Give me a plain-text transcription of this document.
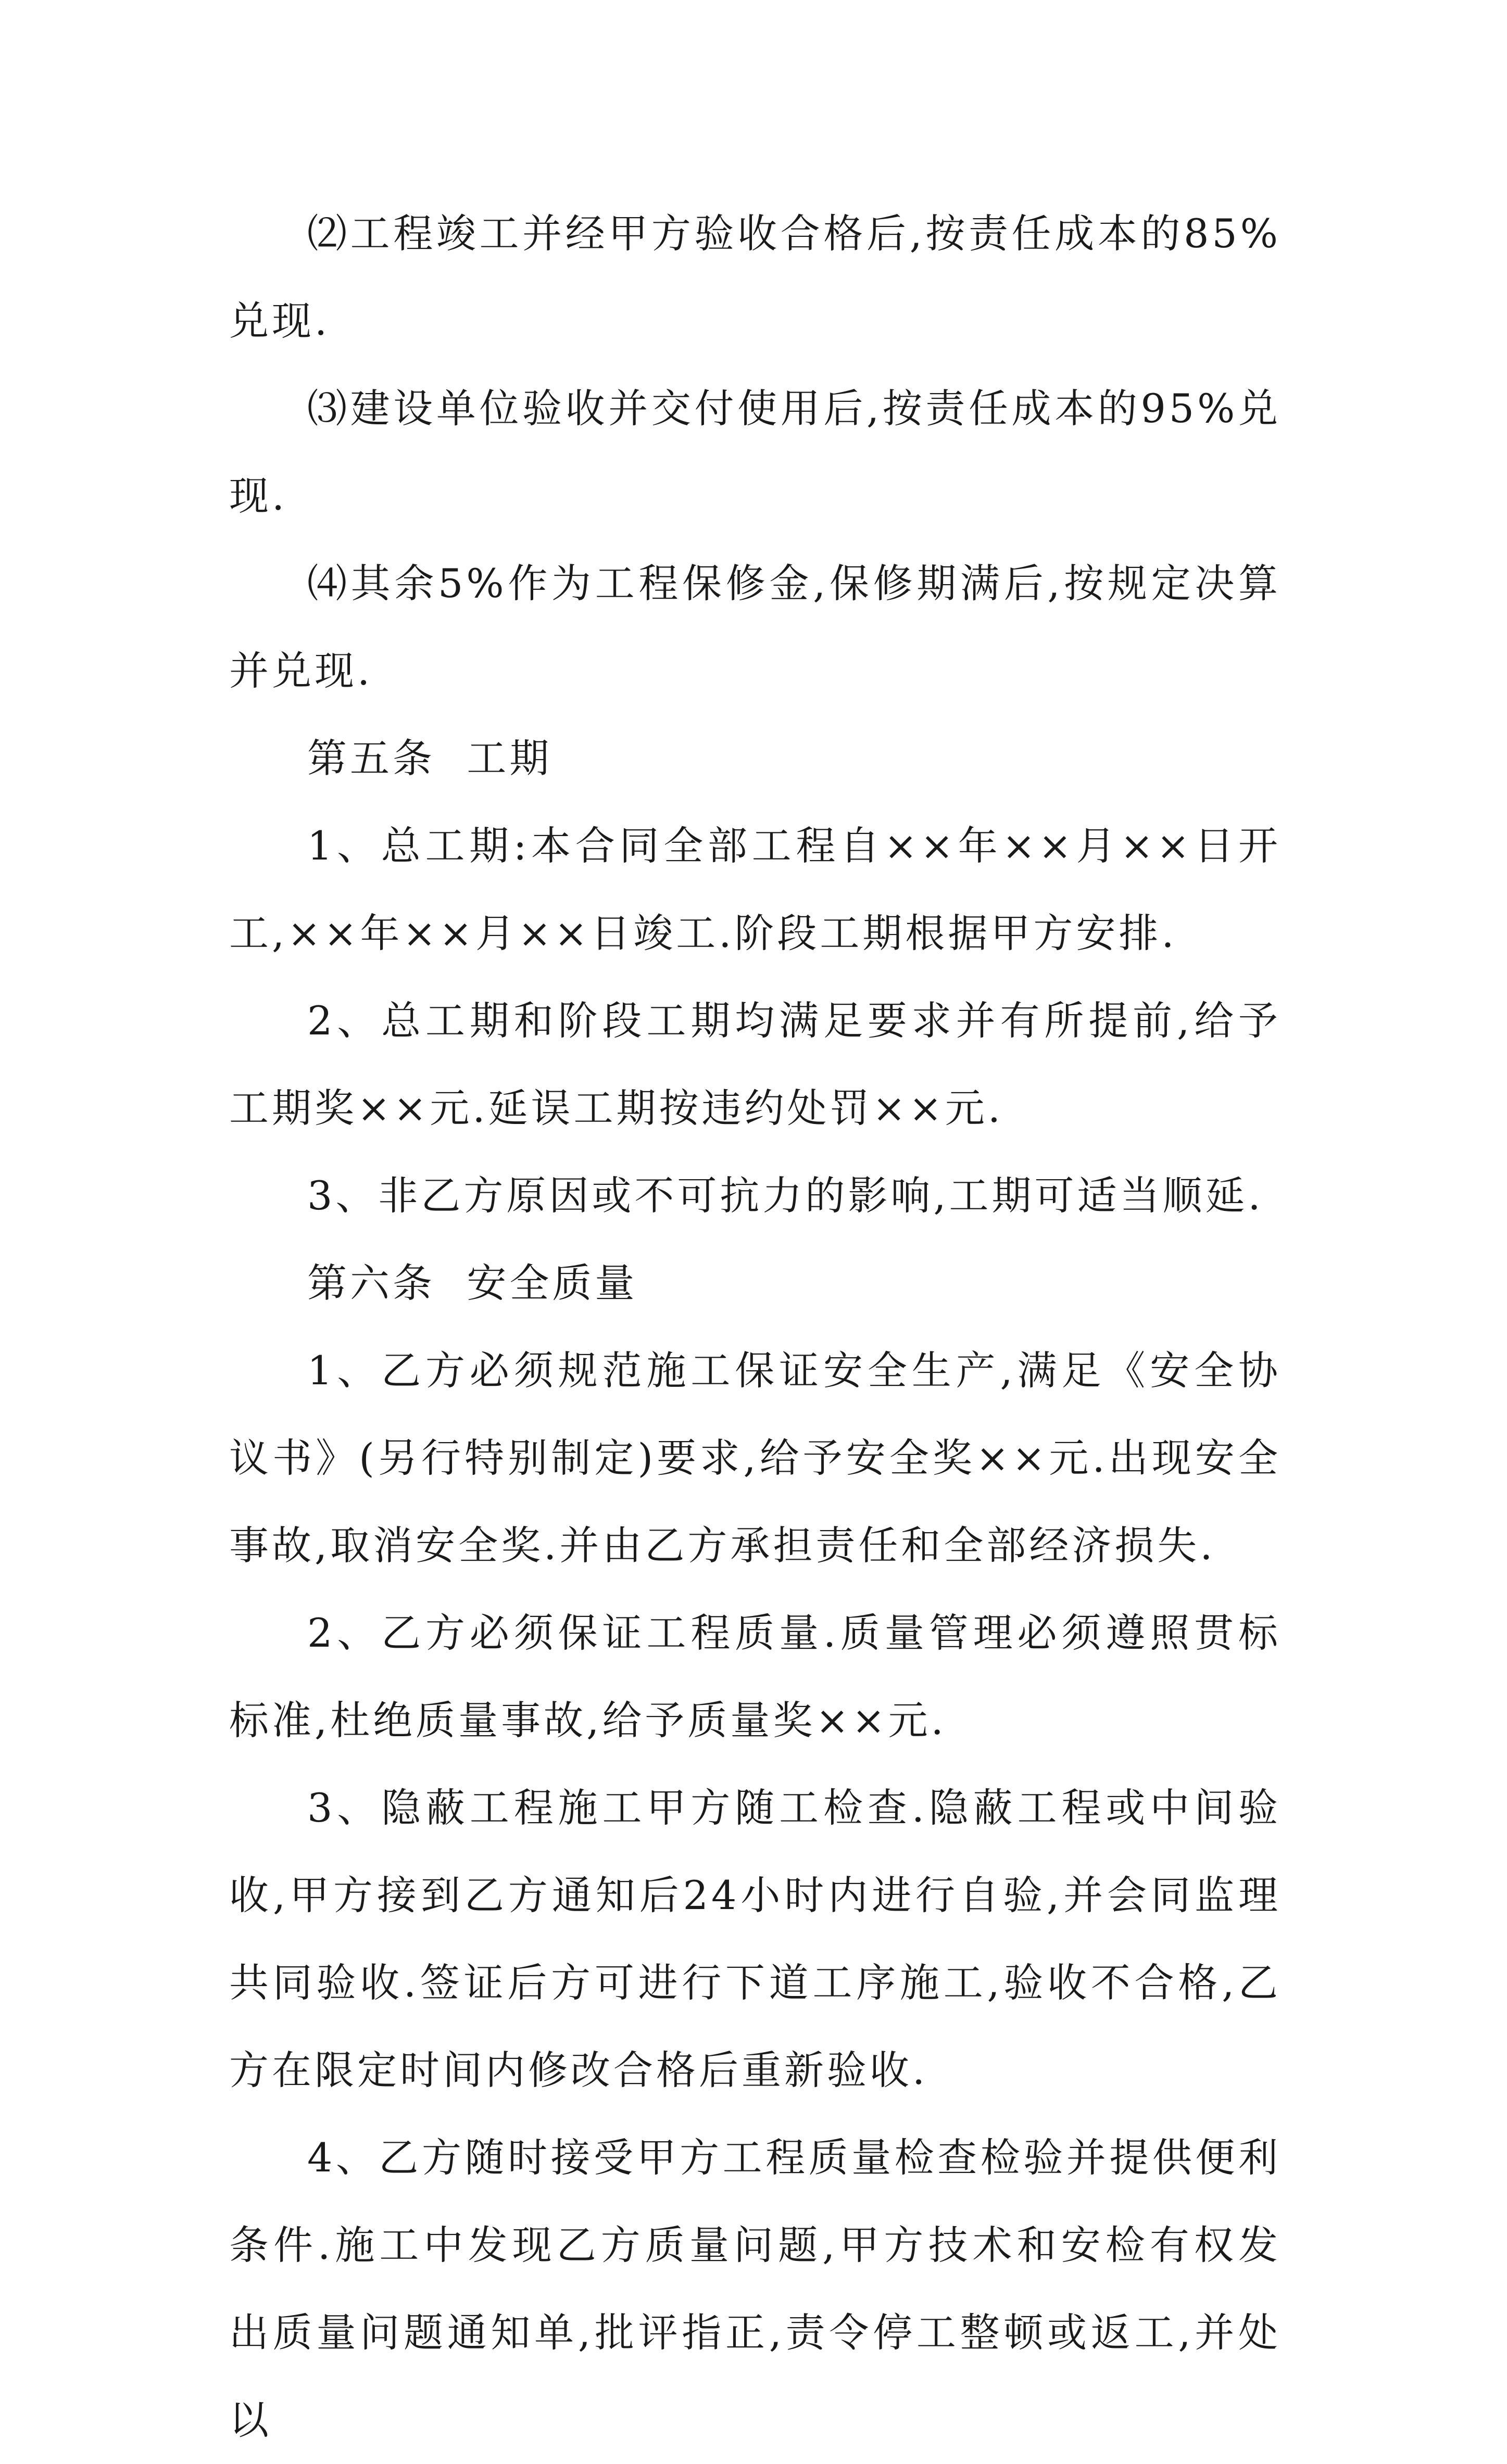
⑵工程竣工并经甲方验收合格后,按责任成本的85%兑现.

⑶建设单位验收并交付使用后,按责任成本的95%兑现.

⑷其余5%作为工程保修金,保修期满后,按规定决算并兑现.

第五条  工期

1、总工期:本合同全部工程自××年××月××日开工,××年××月××日竣工.阶段工期根据甲方安排.

2、总工期和阶段工期均满足要求并有所提前,给予工期奖××元.延误工期按违约处罚××元.

3、非乙方原因或不可抗力的影响,工期可适当顺延.

第六条  安全质量

1、乙方必须规范施工保证安全生产,满足《安全协议书》(另行特别制定)要求,给予安全奖××元.出现安全事故,取消安全奖.并由乙方承担责任和全部经济损失.

2、乙方必须保证工程质量.质量管理必须遵照贯标标准,杜绝质量事故,给予质量奖××元.

3、隐蔽工程施工甲方随工检查.隐蔽工程或中间验收,甲方接到乙方通知后24小时内进行自验,并会同监理共同验收.签证后方可进行下道工序施工,验收不合格,乙方在限定时间内修改合格后重新验收.

4、乙方随时接受甲方工程质量检查检验并提供便利条件.施工中发现乙方质量问题,甲方技术和安检有权发出质量问题通知单,批评指正,责令停工整顿或返工,并处以
